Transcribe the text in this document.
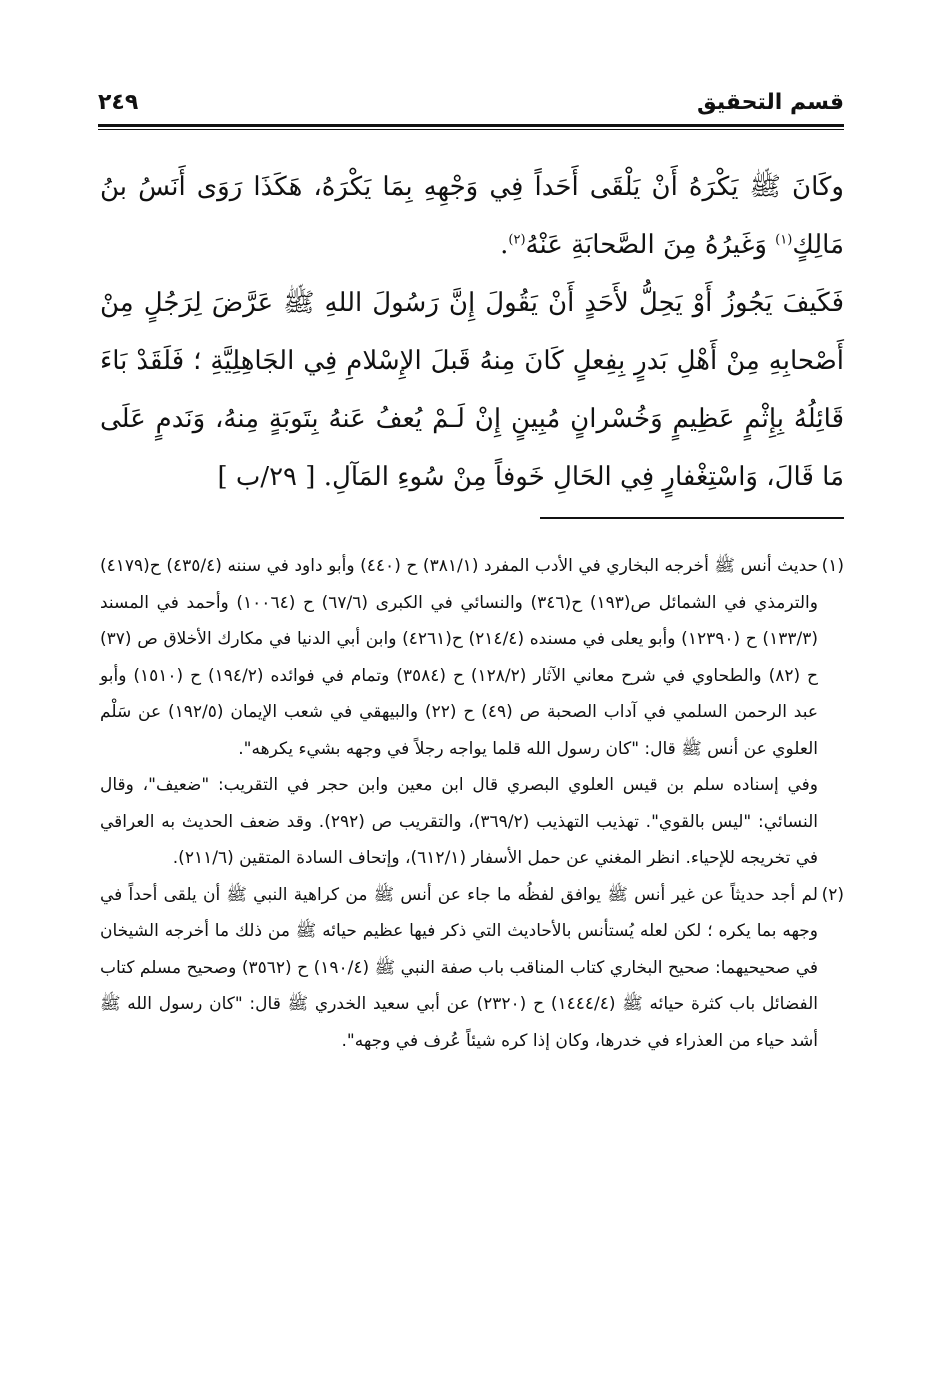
قسم التحقيق
٢٤٩

وكَانَ ﷺ يَكْرَهُ أَنْ يَلْقَى أَحَداً فِي وَجْهِهِ بِمَا يَكْرَهُ، هَكَذَا رَوَى أَنَسُ بنُ مَالِكٍ$^{(١)}$ وَغَيرُهُ مِنَ الصَّحابَةِ عَنْهُ$^{(٢)}$.

فَكَيفَ يَجُوزُ أَوْ يَحِلُّ لأَحَدٍ أَنْ يَقُولَ إِنَّ رَسُولَ اللهِ ﷺ عَرَّضَ لِرَجُلٍ مِنْ أَصْحابِهِ مِنْ أَهْلِ بَدرٍ بِفِعلٍ كَانَ مِنهُ قَبلَ الإِسْلامِ فِي الجَاهِلِيَّةِ ؛ فَلَقَدْ بَاءَ قَائِلُهُ بِإِثْمٍ عَظِيمٍ وَخُسْرانٍ مُبِينٍ إِنْ لَـمْ يُعفُ عَنهُ بِتَوبَةٍ مِنهُ، وَنَدمٍ عَلَى مَا قَالَ، وَاسْتِغْفارٍ فِي الحَالِ خَوفاً مِنْ سُوءِ المَآلِ. [ ٢٩/ب ]

(١)
حديث أنس ﷺ أخرجه البخاري في الأدب المفرد (٣٨١/١) ح (٤٤٠) وأبو داود في سننه (٤٣٥/٤) ح(٤١٧٩) والترمذي في الشمائل ص(١٩٣) ح(٣٤٦) والنسائي في الكبرى (٦٧/٦) ح (١٠٠٦٤) وأحمد في المسند (١٣٣/٣) ح (١٢٣٩٠) وأبو يعلى في مسنده (٢١٤/٤) ح(٤٢٦١) وابن أبي الدنيا في مكارك الأخلاق ص (٣٧) ح (٨٢) والطحاوي في شرح معاني الآثار (١٢٨/٢) ح (٣٥٨٤) وتمام في فوائده (١٩٤/٢) ح (١٥١٠) وأبو عبد الرحمن السلمي في آداب الصحبة ص (٤٩) ح (٢٢) والبيهقي في شعب الإيمان (١٩٢/٥) عن سَلْم العلوي عن أنس ﷺ قال: "كان رسول الله قلما يواجه رجلاً في وجهه بشيء يكرهه".

وفي إسناده سلم بن قيس العلوي البصري قال ابن معين وابن حجر في التقريب: "ضعيف"، وقال النسائي: "ليس بالقوي". تهذيب التهذيب (٣٦٩/٢)، والتقريب ص (٢٩٢). وقد ضعف الحديث به العراقي في تخريجه للإحياء. انظر المغني عن حمل الأسفار (٦١٢/١)، وإتحاف السادة المتقين (٢١١/٦).

(٢)
لم أجد حديثاً عن غير أنس ﷺ يوافق لفظُه ما جاء عن أنس ﷺ من كراهية النبي ﷺ أن يلقى أحداً في وجهه بما يكره ؛ لكن لعله يُستأنس بالأحاديث التي ذكر فيها عظيم حيائه ﷺ من ذلك ما أخرجه الشيخان في صحيحيهما: صحيح البخاري كتاب المناقب باب صفة النبي ﷺ (١٩٠/٤) ح (٣٥٦٢) وصحيح مسلم كتاب الفضائل باب كثرة حيائه ﷺ (١٤٤٤/٤) ح (٢٣٢٠) عن أبي سعيد الخدري ﷺ قال: "كان رسول الله ﷺ أشد حياء من العذراء في خدرها، وكان إذا كره شيئاً عُرف في وجهه".
